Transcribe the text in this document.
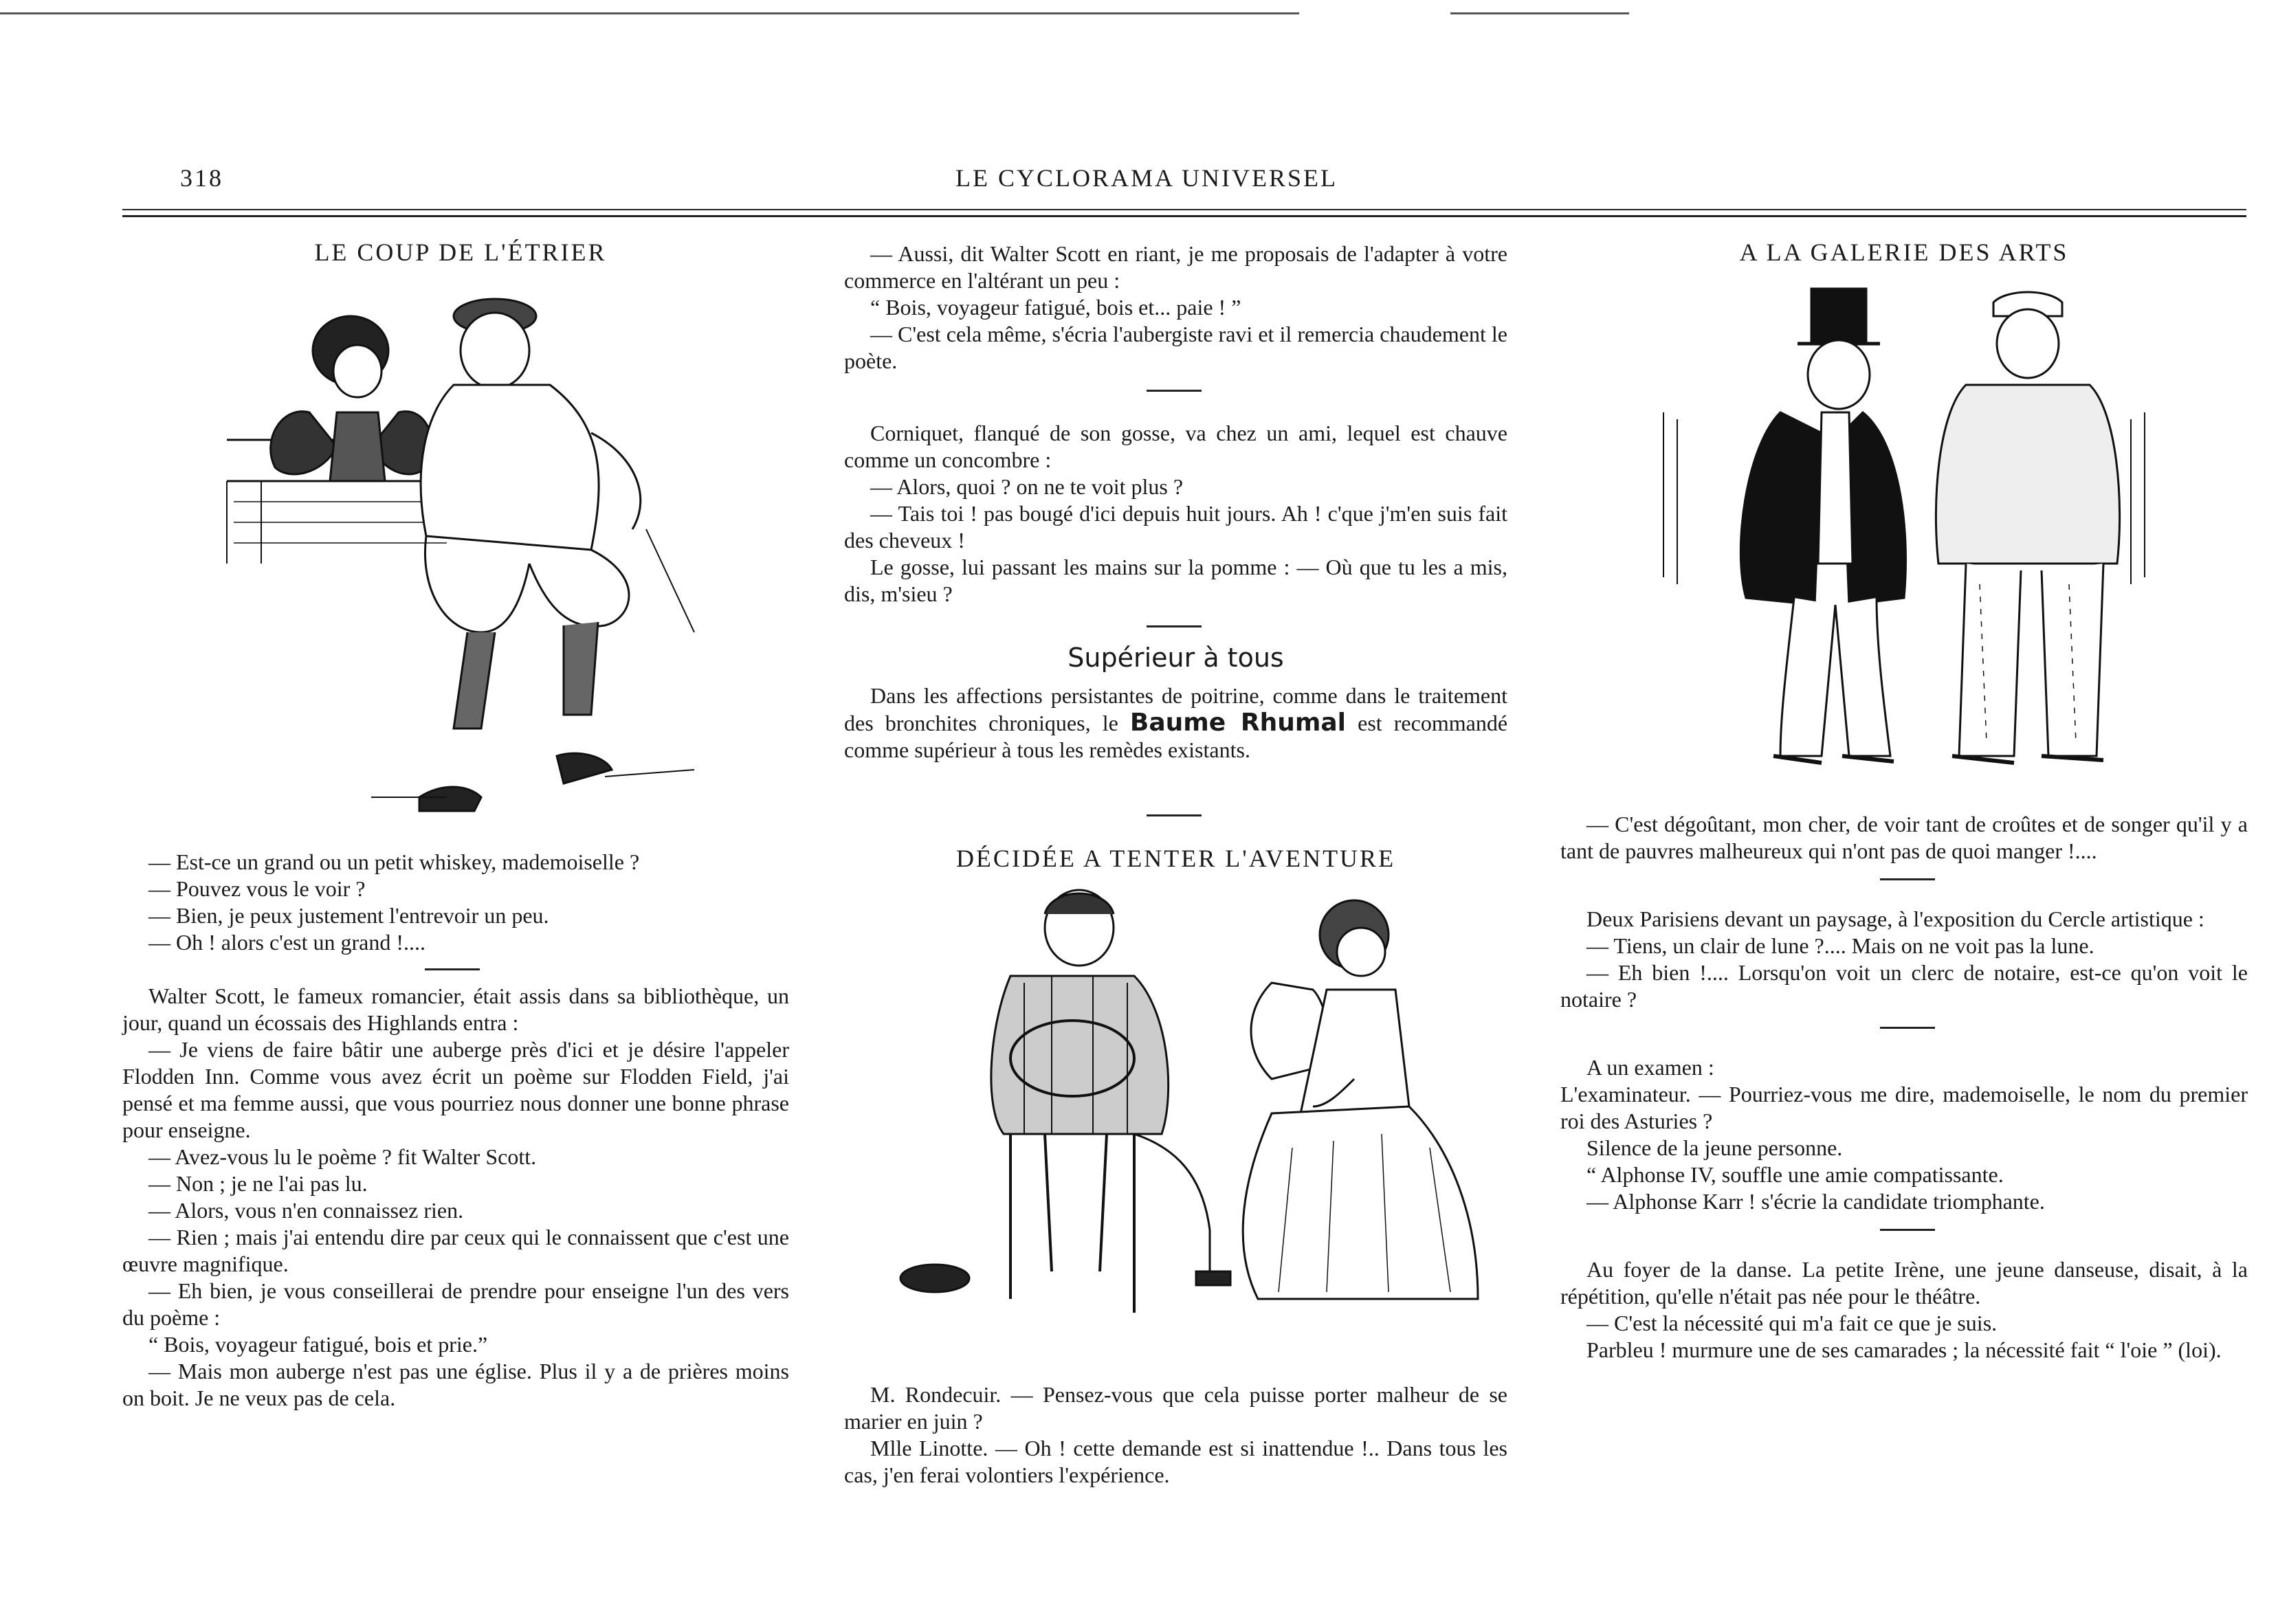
318	LE CYCLORAMA UNIVERSEL
LE COUP DE L'ÉTRIER

— Est-ce un grand ou un petit whiskey, mademoiselle ?

— Pouvez vous le voir ?

— Bien, je peux justement l'entrevoir un peu.

— Oh ! alors c'est un grand !....

Walter Scott, le fameux romancier, était assis dans sa bibliothèque, un jour, quand un écossais des Highlands entra :

— Je viens de faire bâtir une auberge près d'ici et je désire l'appeler Flodden Inn. Comme vous avez écrit un poème sur Flodden Field, j'ai pensé et ma femme aussi, que vous pourriez nous donner une bonne phrase pour enseigne.

— Avez-vous lu le poème ? fit Walter Scott.

— Non ; je ne l'ai pas lu.

— Alors, vous n'en connaissez rien.

— Rien ; mais j'ai entendu dire par ceux qui le connaissent que c'est une œuvre magnifique.

— Eh bien, je vous conseillerai de prendre pour enseigne l'un des vers du poème :

“ Bois, voyageur fatigué, bois et prie.”

— Mais mon auberge n'est pas une église. Plus il y a de prières moins on boit. Je ne veux pas de cela.

— Aussi, dit Walter Scott en riant, je me proposais de l'adapter à votre commerce en l'altérant un peu :

“ Bois, voyageur fatigué, bois et... paie ! ”

— C'est cela même, s'écria l'aubergiste ravi et il remercia chaudement le poète.

Corniquet, flanqué de son gosse, va chez un ami, lequel est chauve comme un concombre :

— Alors, quoi ? on ne te voit plus ?

— Tais toi ! pas bougé d'ici depuis huit jours. Ah ! c'que j'm'en suis fait des cheveux !

Le gosse, lui passant les mains sur la pomme : — Où que tu les a mis, dis, m'sieu ?

Supérieur à tous

Dans les affections persistantes de poitrine, comme dans le traitement des bronchites chroniques, le Baume Rhumal est recommandé comme supérieur à tous les remèdes existants.

DÉCIDÉE A TENTER L'AVENTURE

M. Rondecuir. — Pensez-vous que cela puisse porter malheur de se marier en juin ?

Mlle Linotte. — Oh ! cette demande est si inattendue !.. Dans tous les cas, j'en ferai volontiers l'expérience.

A LA GALERIE DES ARTS

— C'est dégoûtant, mon cher, de voir tant de croûtes et de songer qu'il y a tant de pauvres malheureux qui n'ont pas de quoi manger !....

Deux Parisiens devant un paysage, à l'exposition du Cercle artistique :

— Tiens, un clair de lune ?.... Mais on ne voit pas la lune.

— Eh bien !.... Lorsqu'on voit un clerc de notaire, est-ce qu'on voit le notaire ?

A un examen :

L'examinateur. — Pourriez-vous me dire, mademoiselle, le nom du premier roi des Asturies ?

Silence de la jeune personne.

“ Alphonse IV, souffle une amie compatissante.

— Alphonse Karr ! s'écrie la candidate triomphante.

Au foyer de la danse. La petite Irène, une jeune danseuse, disait, à la répétition, qu'elle n'était pas née pour le théâtre.

— C'est la nécessité qui m'a fait ce que je suis.

Parbleu ! murmure une de ses camarades ; la nécessité fait “ l'oie ” (loi).
